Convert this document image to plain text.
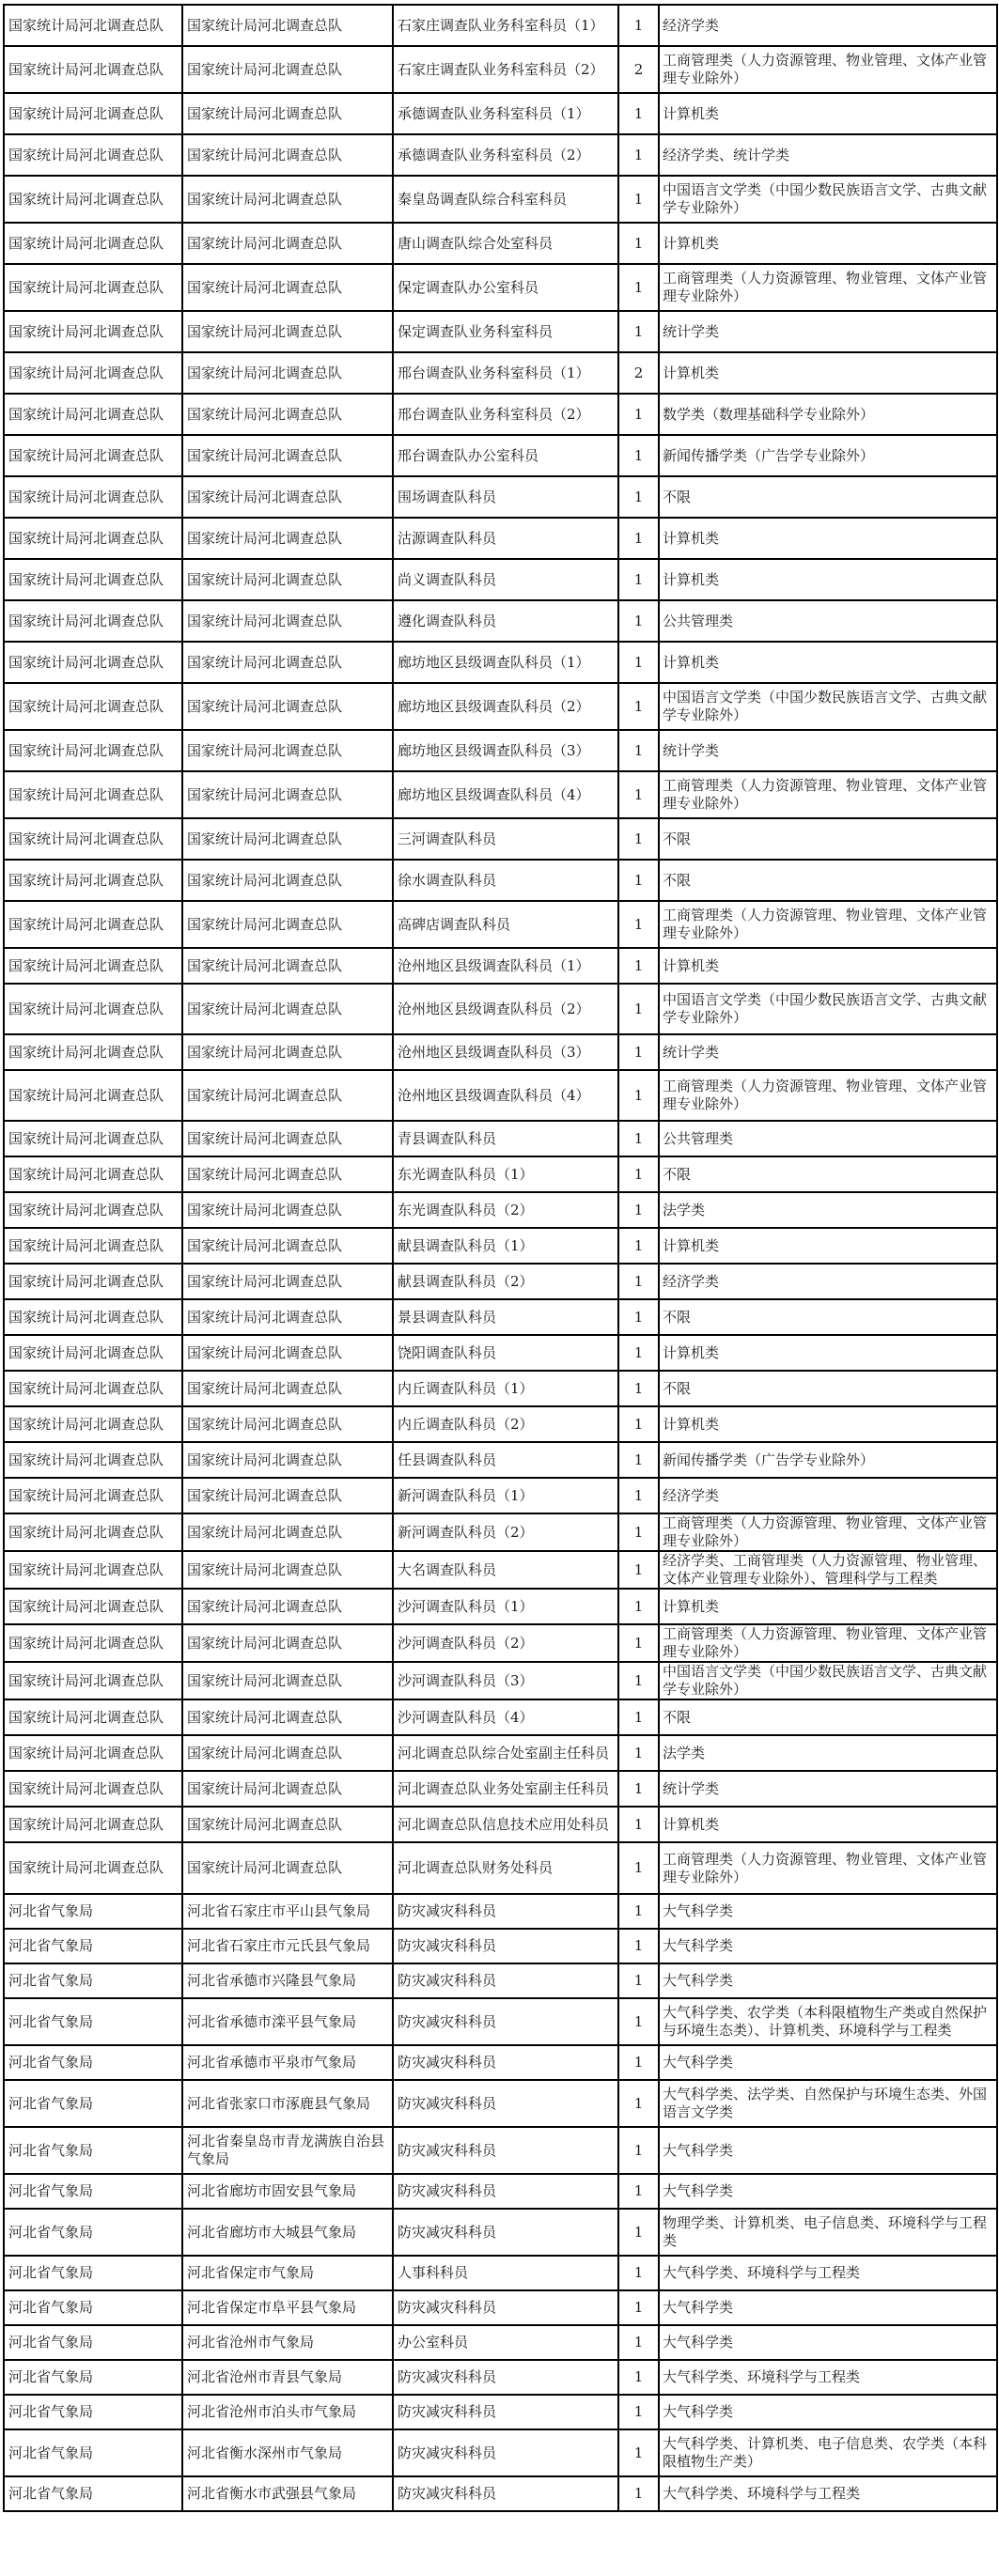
国家统计局河北调查总队	国家统计局河北调查总队	石家庄调查队业务科室科员（1）	1	经济学类
国家统计局河北调查总队	国家统计局河北调查总队	石家庄调查队业务科室科员（2）	2	工商管理类（人力资源管理、物业管理、文体产业管理专业除外）
国家统计局河北调查总队	国家统计局河北调查总队	承德调查队业务科室科员（1）	1	计算机类
国家统计局河北调查总队	国家统计局河北调查总队	承德调查队业务科室科员（2）	1	经济学类、统计学类
国家统计局河北调查总队	国家统计局河北调查总队	秦皇岛调查队综合科室科员	1	中国语言文学类（中国少数民族语言文学、古典文献学专业除外）
国家统计局河北调查总队	国家统计局河北调查总队	唐山调查队综合处室科员	1	计算机类
国家统计局河北调查总队	国家统计局河北调查总队	保定调查队办公室科员	1	工商管理类（人力资源管理、物业管理、文体产业管理专业除外）
国家统计局河北调查总队	国家统计局河北调查总队	保定调查队业务科室科员	1	统计学类
国家统计局河北调查总队	国家统计局河北调查总队	邢台调查队业务科室科员（1）	2	计算机类
国家统计局河北调查总队	国家统计局河北调查总队	邢台调查队业务科室科员（2）	1	数学类（数理基础科学专业除外）
国家统计局河北调查总队	国家统计局河北调查总队	邢台调查队办公室科员	1	新闻传播学类（广告学专业除外）
国家统计局河北调查总队	国家统计局河北调查总队	围场调查队科员	1	不限
国家统计局河北调查总队	国家统计局河北调查总队	沽源调查队科员	1	计算机类
国家统计局河北调查总队	国家统计局河北调查总队	尚义调查队科员	1	计算机类
国家统计局河北调查总队	国家统计局河北调查总队	遵化调查队科员	1	公共管理类
国家统计局河北调查总队	国家统计局河北调查总队	廊坊地区县级调查队科员（1）	1	计算机类
国家统计局河北调查总队	国家统计局河北调查总队	廊坊地区县级调查队科员（2）	1	中国语言文学类（中国少数民族语言文学、古典文献学专业除外）
国家统计局河北调查总队	国家统计局河北调查总队	廊坊地区县级调查队科员（3）	1	统计学类
国家统计局河北调查总队	国家统计局河北调查总队	廊坊地区县级调查队科员（4）	1	工商管理类（人力资源管理、物业管理、文体产业管理专业除外）
国家统计局河北调查总队	国家统计局河北调查总队	三河调查队科员	1	不限
国家统计局河北调查总队	国家统计局河北调查总队	徐水调查队科员	1	不限
国家统计局河北调查总队	国家统计局河北调查总队	高碑店调查队科员	1	工商管理类（人力资源管理、物业管理、文体产业管理专业除外）
国家统计局河北调查总队	国家统计局河北调查总队	沧州地区县级调查队科员（1）	1	计算机类
国家统计局河北调查总队	国家统计局河北调查总队	沧州地区县级调查队科员（2）	1	中国语言文学类（中国少数民族语言文学、古典文献学专业除外）
国家统计局河北调查总队	国家统计局河北调查总队	沧州地区县级调查队科员（3）	1	统计学类
国家统计局河北调查总队	国家统计局河北调查总队	沧州地区县级调查队科员（4）	1	工商管理类（人力资源管理、物业管理、文体产业管理专业除外）
国家统计局河北调查总队	国家统计局河北调查总队	青县调查队科员	1	公共管理类
国家统计局河北调查总队	国家统计局河北调查总队	东光调查队科员（1）	1	不限
国家统计局河北调查总队	国家统计局河北调查总队	东光调查队科员（2）	1	法学类
国家统计局河北调查总队	国家统计局河北调查总队	献县调查队科员（1）	1	计算机类
国家统计局河北调查总队	国家统计局河北调查总队	献县调查队科员（2）	1	经济学类
国家统计局河北调查总队	国家统计局河北调查总队	景县调查队科员	1	不限
国家统计局河北调查总队	国家统计局河北调查总队	饶阳调查队科员	1	计算机类
国家统计局河北调查总队	国家统计局河北调查总队	内丘调查队科员（1）	1	不限
国家统计局河北调查总队	国家统计局河北调查总队	内丘调查队科员（2）	1	计算机类
国家统计局河北调查总队	国家统计局河北调查总队	任县调查队科员	1	新闻传播学类（广告学专业除外）
国家统计局河北调查总队	国家统计局河北调查总队	新河调查队科员（1）	1	经济学类
国家统计局河北调查总队	国家统计局河北调查总队	新河调查队科员（2）	1	工商管理类（人力资源管理、物业管理、文体产业管理专业除外）
国家统计局河北调查总队	国家统计局河北调查总队	大名调查队科员	1	经济学类、工商管理类（人力资源管理、物业管理、文体产业管理专业除外）、管理科学与工程类
国家统计局河北调查总队	国家统计局河北调查总队	沙河调查队科员（1）	1	计算机类
国家统计局河北调查总队	国家统计局河北调查总队	沙河调查队科员（2）	1	工商管理类（人力资源管理、物业管理、文体产业管理专业除外）
国家统计局河北调查总队	国家统计局河北调查总队	沙河调查队科员（3）	1	中国语言文学类（中国少数民族语言文学、古典文献学专业除外）
国家统计局河北调查总队	国家统计局河北调查总队	沙河调查队科员（4）	1	不限
国家统计局河北调查总队	国家统计局河北调查总队	河北调查总队综合处室副主任科员	1	法学类
国家统计局河北调查总队	国家统计局河北调查总队	河北调查总队业务处室副主任科员	1	统计学类
国家统计局河北调查总队	国家统计局河北调查总队	河北调查总队信息技术应用处科员	1	计算机类
国家统计局河北调查总队	国家统计局河北调查总队	河北调查总队财务处科员	1	工商管理类（人力资源管理、物业管理、文体产业管理专业除外）
河北省气象局	河北省石家庄市平山县气象局	防灾减灾科科员	1	大气科学类
河北省气象局	河北省石家庄市元氏县气象局	防灾减灾科科员	1	大气科学类
河北省气象局	河北省承德市兴隆县气象局	防灾减灾科科员	1	大气科学类
河北省气象局	河北省承德市滦平县气象局	防灾减灾科科员	1	大气科学类、农学类（本科限植物生产类或自然保护与环境生态类）、计算机类、环境科学与工程类
河北省气象局	河北省承德市平泉市气象局	防灾减灾科科员	1	大气科学类
河北省气象局	河北省张家口市涿鹿县气象局	防灾减灾科科员	1	大气科学类、法学类、自然保护与环境生态类、外国语言文学类
河北省气象局	河北省秦皇岛市青龙满族自治县气象局	防灾减灾科科员	1	大气科学类
河北省气象局	河北省廊坊市固安县气象局	防灾减灾科科员	1	大气科学类
河北省气象局	河北省廊坊市大城县气象局	防灾减灾科科员	1	物理学类、计算机类、电子信息类、环境科学与工程类
河北省气象局	河北省保定市气象局	人事科科员	1	大气科学类、环境科学与工程类
河北省气象局	河北省保定市阜平县气象局	防灾减灾科科员	1	大气科学类
河北省气象局	河北省沧州市气象局	办公室科员	1	大气科学类
河北省气象局	河北省沧州市青县气象局	防灾减灾科科员	1	大气科学类、环境科学与工程类
河北省气象局	河北省沧州市泊头市气象局	防灾减灾科科员	1	大气科学类
河北省气象局	河北省衡水深州市气象局	防灾减灾科科员	1	大气科学类、计算机类、电子信息类、农学类（本科限植物生产类）
河北省气象局	河北省衡水市武强县气象局	防灾减灾科科员	1	大气科学类、环境科学与工程类
